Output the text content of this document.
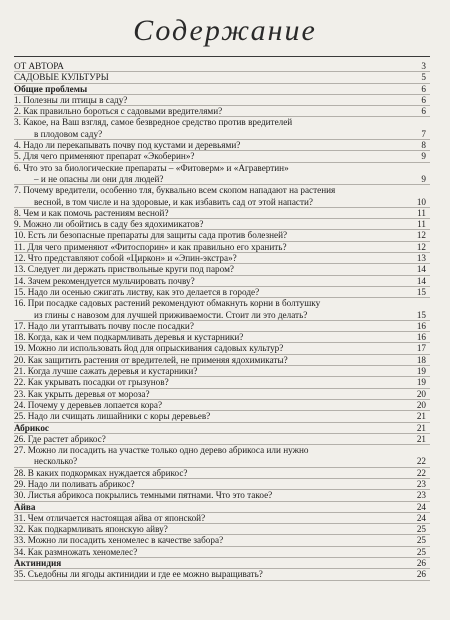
Содержание
ОТ АВТОРА	3
САДОВЫЕ КУЛЬТУРЫ	5
Общие проблемы	6
1. Полезны ли птицы в саду?	6
2. Как правильно бороться с садовыми вредителями?	6
3. Какое, на Ваш взгляд, самое безвредное средство против вредителей
в плодовом саду?	7
4. Надо ли перекапывать почву под кустами и деревьями?	8
5. Для чего применяют препарат «Экоберин»?	9
6. Что это за биологические препараты – «Фитоверм» и «Агравертин»
– и не опасны ли они для людей?	9
7. Почему вредители, особенно тля, буквально всем скопом нападают на растения
весной, в том числе и на здоровые, и как избавить сад от этой напасти?	10
8. Чем и как помочь растениям весной?	11
9. Можно ли обойтись в саду без ядохимикатов?	11
10. Есть ли безопасные препараты для защиты сада против болезней?	12
11. Для чего применяют «Фитоспорин» и как правильно его хранить?	12
12. Что представляют собой «Циркон» и «Эпин-экстра»?	13
13. Следует ли держать приствольные круги под паром?	14
14. Зачем рекомендуется мульчировать почву?	14
15. Надо ли осенью сжигать листву, как это делается в городе?	15
16. При посадке садовых растений рекомендуют обмакнуть корни в болтушку
из глины с навозом для лучшей приживаемости. Стоит ли это делать?	15
17. Надо ли утаптывать почву после посадки?	16
18. Когда, как и чем подкармливать деревья и кустарники?	16
19. Можно ли использовать йод для опрыскивания садовых культур?	17
20. Как защитить растения от вредителей, не применяя ядохимикаты?	18
21. Когда лучше сажать деревья и кустарники?	19
22. Как укрывать посадки от грызунов?	19
23. Как укрыть деревья от мороза?	20
24. Почему у деревьев лопается кора?	20
25. Надо ли счищать лишайники с коры деревьев?	21
Абрикос	21
26. Где растет абрикос?	21
27. Можно ли посадить на участке только одно дерево абрикоса или нужно
несколько?	22
28. В каких подкормках нуждается абрикос?	22
29. Надо ли поливать абрикос?	23
30. Листья абрикоса покрылись темными пятнами. Что это такое?	23
Айва	24
31. Чем отличается настоящая айва от японской?	24
32. Как подкармливать японскую айву?	25
33. Можно ли посадить хеномелес в качестве забора?	25
34. Как размножать хеномелес?	25
Актинидия	26
35. Съедобны ли ягоды актинидии и где ее можно выращивать?	26
